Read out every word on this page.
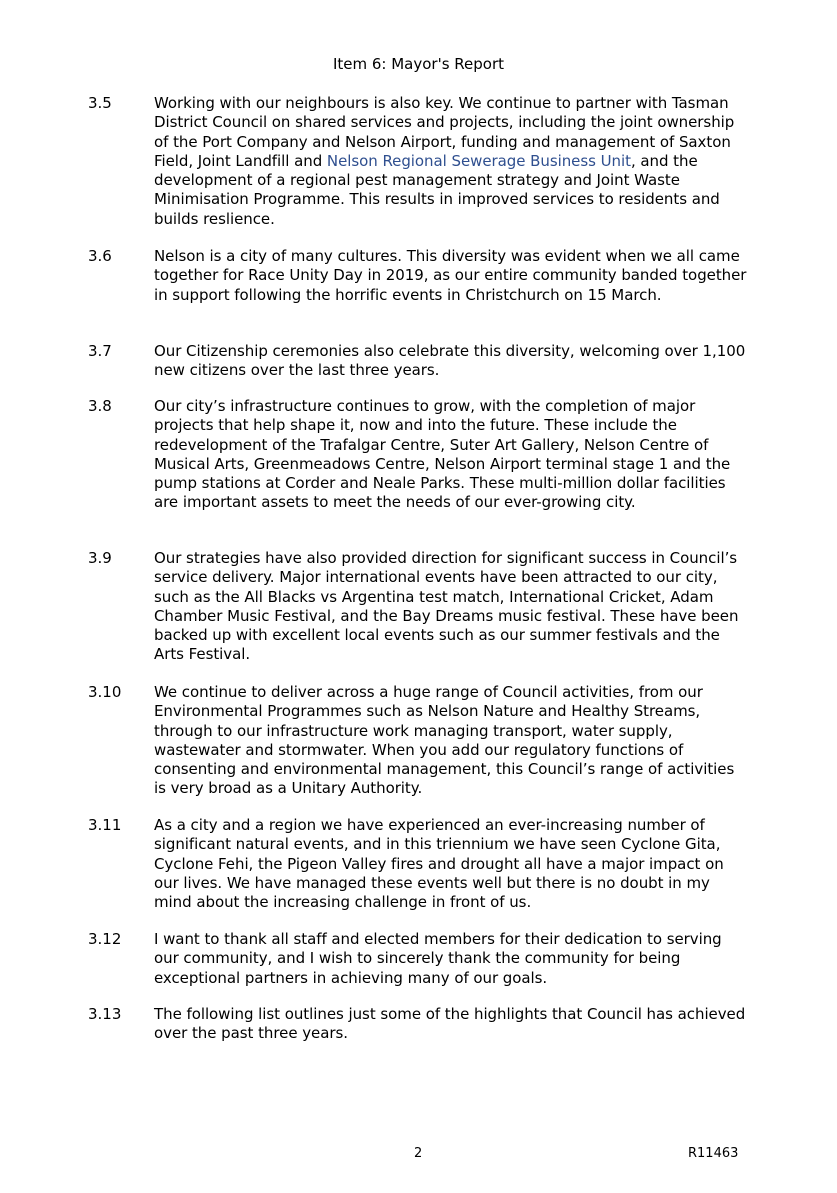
Item 6: Mayor's Report
3.5	Working with our neighbours is also key. We continue to partner with Tasman District Council on shared services and projects, including the joint ownership of the Port Company and Nelson Airport, funding and management of Saxton Field, Joint Landfill and Nelson Regional Sewerage Business Unit, and the development of a regional pest management strategy and Joint Waste Minimisation Programme. This results in improved services to residents and builds reslience.
3.6	Nelson is a city of many cultures. This diversity was evident when we all came together for Race Unity Day in 2019, as our entire community banded together in support following the horrific events in Christchurch on 15 March.
3.7	Our Citizenship ceremonies also celebrate this diversity, welcoming over 1,100 new citizens over the last three years.
3.8	Our city’s infrastructure continues to grow, with the completion of major projects that help shape it, now and into the future. These include the redevelopment of the Trafalgar Centre, Suter Art Gallery, Nelson Centre of Musical Arts, Greenmeadows Centre, Nelson Airport terminal stage 1 and the pump stations at Corder and Neale Parks. These multi-million dollar facilities are important assets to meet the needs of our ever-growing city.
3.9	Our strategies have also provided direction for significant success in Council’s service delivery. Major international events have been attracted to our city, such as the All Blacks vs Argentina test match, International Cricket, Adam Chamber Music Festival, and the Bay Dreams music festival. These have been backed up with excellent local events such as our summer festivals and the Arts Festival.
3.10 We continue to deliver across a huge range of Council activities, from our Environmental Programmes such as Nelson Nature and Healthy Streams, through to our infrastructure work managing transport, water supply, wastewater and stormwater. When you add our regulatory functions of consenting and environmental management, this Council’s range of activities is very broad as a Unitary Authority.
3.11 As a city and a region we have experienced an ever-increasing number of significant natural events, and in this triennium we have seen Cyclone Gita, Cyclone Fehi, the Pigeon Valley fires and drought all have a major impact on our lives. We have managed these events well but there is no doubt in my mind about the increasing challenge in front of us.
3.12 I want to thank all staff and elected members for their dedication to serving our community, and I wish to sincerely thank the community for being exceptional partners in achieving many of our goals.
3.13 The following list outlines just some of the highlights that Council has achieved over the past three years.
2	R11463
